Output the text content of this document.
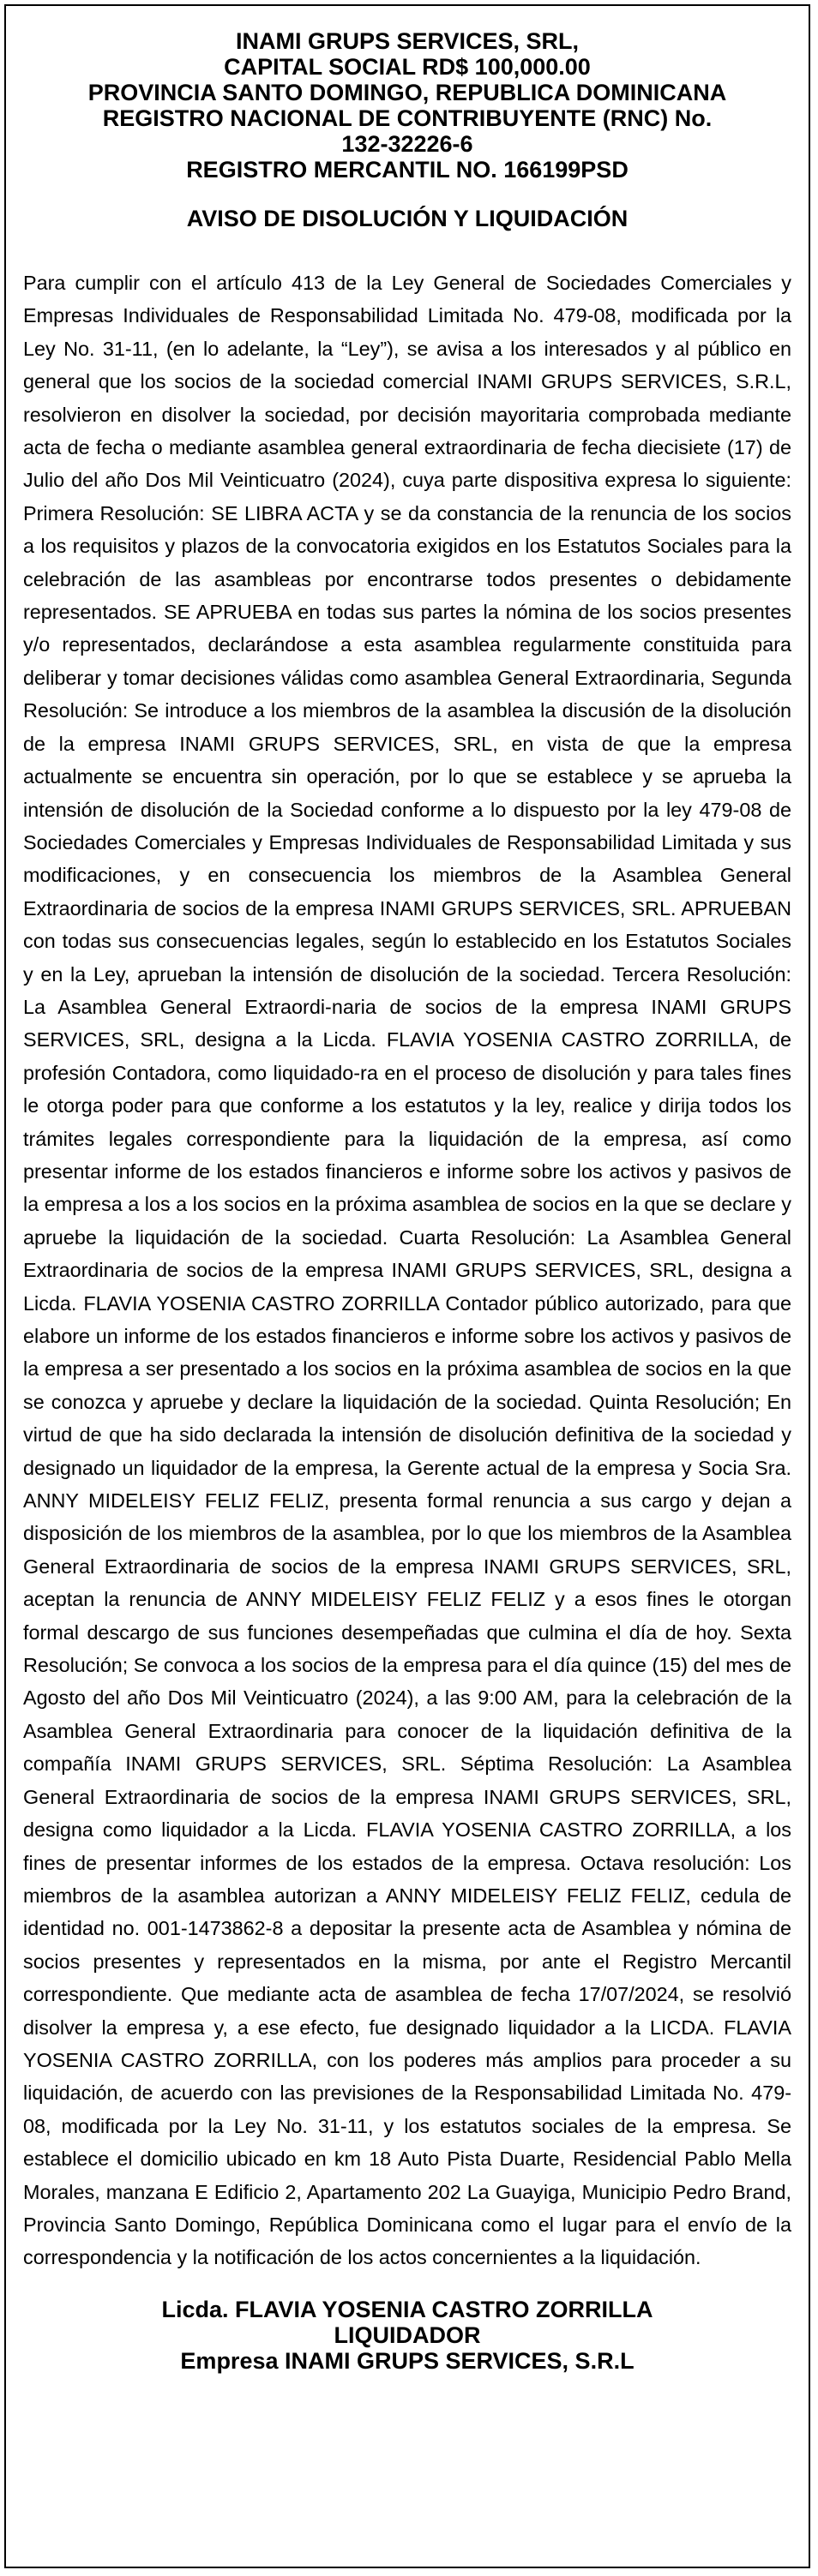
INAMI GRUPS SERVICES, SRL,
CAPITAL SOCIAL RD$ 100,000.00
PROVINCIA SANTO DOMINGO, REPUBLICA DOMINICANA
REGISTRO NACIONAL DE CONTRIBUYENTE (RNC) No.
132-32226-6
REGISTRO MERCANTIL NO. 166199PSD
AVISO DE DISOLUCIÓN Y LIQUIDACIÓN

Para cumplir con el artículo 413 de la Ley General de Sociedades Comerciales y Empresas Individuales de Responsabilidad Limitada No. 479-08, modificada por la Ley No. 31-11, (en lo adelante, la “Ley”), se avisa a los interesados y al público en general que los socios de la sociedad comercial INAMI GRUPS SERVICES, S.R.L, resolvieron en disolver la sociedad, por decisión mayoritaria comprobada mediante acta de fecha o mediante asamblea general extraordinaria de fecha diecisiete (17) de Julio del año Dos Mil Veinticuatro (2024), cuya parte dispositiva expresa lo siguiente: Primera Resolución: SE LIBRA ACTA y se da constancia de la renuncia de los socios a los requisitos y plazos de la convocatoria exigidos en los Estatutos Sociales para la celebración de las asambleas por encontrarse todos presentes o debidamente representados. SE APRUEBA en todas sus partes la nómina de los socios presentes y/o representados, declarándose a esta asamblea regularmente constituida para deliberar y tomar decisiones válidas como asamblea General Extraordinaria, Segunda Resolución: Se introduce a los miembros de la asamblea la discusión de la disolución de la empresa INAMI GRUPS SERVICES, SRL, en vista de que la empresa actualmente se encuentra sin operación, por lo que se establece y se aprueba la intensión de disolución de la Sociedad conforme a lo dispuesto por la ley 479-08 de Sociedades Comerciales y Empresas Individuales de Responsabilidad Limitada y sus modificaciones, y en consecuencia los miembros de la Asamblea General Extraordinaria de socios de la empresa INAMI GRUPS SERVICES, SRL. APRUEBAN con todas sus consecuencias legales, según lo establecido en los Estatutos Sociales y en la Ley, aprueban la intensión de disolución de la sociedad. Tercera Resolución: La Asamblea General Extraordi-naria de socios de la empresa INAMI GRUPS SERVICES, SRL, designa a la Licda. FLAVIA YOSENIA CASTRO ZORRILLA, de profesión Contadora, como liquidado-ra en el proceso de disolución y para tales fines le otorga poder para que conforme a los estatutos y la ley, realice y dirija todos los trámites legales correspondiente para la liquidación de la empresa, así como presentar informe de los estados financieros e informe sobre los activos y pasivos de la empresa a los a los socios en la próxima asamblea de socios en la que se declare y apruebe la liquidación de la sociedad. Cuarta Resolución: La Asamblea General Extraordinaria de socios de la empresa INAMI GRUPS SERVICES, SRL, designa a Licda. FLAVIA YOSENIA CASTRO ZORRILLA Contador público autorizado, para que elabore un informe de los estados financieros e informe sobre los activos y pasivos de la empresa a ser presentado a los socios en la próxima asamblea de socios en la que se conozca y apruebe y declare la liquidación de la sociedad. Quinta Resolución; En virtud de que ha sido declarada la intensión de disolución definitiva de la sociedad y designado un liquidador de la empresa, la Gerente actual de la empresa y Socia Sra. ANNY MIDELEISY FELIZ FELIZ, presenta formal renuncia a sus cargo y dejan a disposición de los miembros de la asamblea, por lo que los miembros de la Asamblea General Extraordinaria de socios de la empresa INAMI GRUPS SERVICES, SRL, aceptan la renuncia de ANNY MIDELEISY FELIZ FELIZ y a esos fines le otorgan formal descargo de sus funciones desempeñadas que culmina el día de hoy. Sexta Resolución; Se convoca a los socios de la empresa para el día quince (15) del mes de Agosto del año Dos Mil Veinticuatro (2024), a las 9:00 AM, para la celebración de la Asamblea General Extraordinaria para conocer de la liquidación definitiva de la compañía INAMI GRUPS SERVICES, SRL. Séptima Resolución: La Asamblea General Extraordinaria de socios de la empresa INAMI GRUPS SERVICES, SRL, designa como liquidador a la Licda. FLAVIA YOSENIA CASTRO ZORRILLA, a los fines de presentar informes de los estados de la empresa. Octava resolución: Los miembros de la asamblea autorizan a ANNY MIDELEISY FELIZ FELIZ, cedula de identidad no. 001-1473862-8 a depositar la presente acta de Asamblea y nómina de socios presentes y representados en la misma, por ante el Registro Mercantil correspondiente. Que mediante acta de asamblea de fecha 17/07/2024, se resolvió disolver la empresa y, a ese efecto, fue designado liquidador a la LICDA. FLAVIA YOSENIA CASTRO ZORRILLA, con los poderes más amplios para proceder a su liquidación, de acuerdo con las previsiones de la Responsabilidad Limitada No. 479-08, modificada por la Ley No. 31-11, y los estatutos sociales de la empresa. Se establece el domicilio ubicado en km 18 Auto Pista Duarte, Residencial Pablo Mella Morales, manzana E Edificio 2, Apartamento 202 La Guayiga, Municipio Pedro Brand, Provincia Santo Domingo, República Dominicana como el lugar para el envío de la correspondencia y la notificación de los actos concernientes a la liquidación.

Licda. FLAVIA YOSENIA CASTRO ZORRILLA
LIQUIDADOR
Empresa INAMI GRUPS SERVICES, S.R.L
